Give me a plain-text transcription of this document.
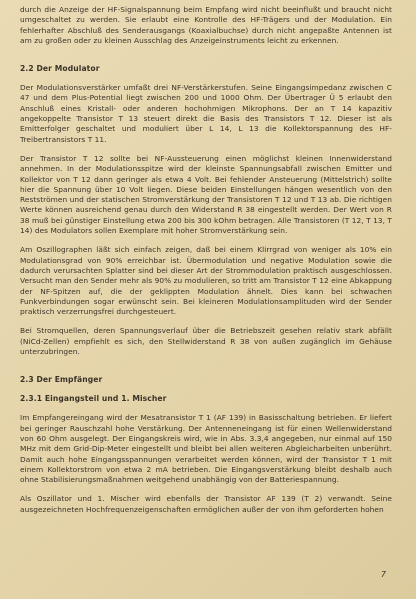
durch die Anzeige der HF-Signalspannung beim Empfang wird nicht beeinflußt und braucht nicht umgeschaltet zu werden. Sie erlaubt eine Kontrolle des HF-Trägers und der Modulation. Ein fehlerhafter Abschluß des Senderausgangs (Koaxialbuchse) durch nicht angepaßte Antennen ist am zu großen oder zu kleinen Ausschlag des Anzeigeinstruments leicht zu erkennen.

2.2 Der Modulator

Der Modulationsverstärker umfaßt drei NF-Verstärkerstufen. Seine Eingangsimpedanz zwischen C 47 und dem Plus-Potential liegt zwischen 200 und 1000 Ohm. Der Übertrager Ü 5 erlaubt den Anschluß eines Kristall- oder anderen hochohmigen Mikrophons. Der an T 14 kapazitiv angekoppelte Transistor T 13 steuert direkt die Basis des Transistors T 12. Dieser ist als Emitterfolger geschaltet und moduliert über L 14, L 13 die Kollektorspannung des HF-Treibertransistors T 11.

Der Transistor T 12 sollte bei NF-Aussteuerung einen möglichst kleinen Innenwiderstand annehmen. In der Modulationsspitze wird der kleinste Spannungsabfall zwischen Emitter und Kollektor von T 12 dann geringer als etwa 4 Volt. Bei fehlender Ansteuerung (Mittelstrich) sollte hier die Spannung über 10 Volt liegen. Diese beiden Einstellungen hängen wesentlich von den Restströmen und der statischen Stromverstärkung der Transistoren T 12 und T 13 ab. Die richtigen Werte können ausreichend genau durch den Widerstand R 38 eingestellt werden. Der Wert von R 38 muß bei günstiger Einstellung etwa 200 bis 300 kOhm betragen. Alle Transistoren (T 12, T 13, T 14) des Modulators sollen Exemplare mit hoher Stromverstärkung sein.

Am Oszillographen läßt sich einfach zeigen, daß bei einem Klirrgrad von weniger als 10% ein Modulationsgrad von 90% erreichbar ist. Übermodulation und negative Modulation sowie die dadurch verursachten Splatter sind bei dieser Art der Strommodulation praktisch ausgeschlossen. Versucht man den Sender mehr als 90% zu modulieren, so tritt am Transistor T 12 eine Abkappung der NF-Spitzen auf, die der geklippten Modulation ähnelt. Dies kann bei schwachen Funkverbindungen sogar erwünscht sein. Bei kleineren Modulationsamplituden wird der Sender praktisch verzerrungsfrei durchgesteuert.

Bei Stromquellen, deren Spannungsverlauf über die Betriebszeit gesehen relativ stark abfällt (NiCd-Zellen) empfiehlt es sich, den Stellwiderstand R 38 von außen zugänglich im Gehäuse unterzubringen.

2.3 Der Empfänger
2.3.1 Eingangsteil und 1. Mischer

Im Empfangereingang wird der Mesatransistor T 1 (AF 139) in Basisschaltung betrieben. Er liefert bei geringer Rauschzahl hohe Verstärkung. Der Antenneneingang ist für einen Wellenwiderstand von 60 Ohm ausgelegt. Der Eingangskreis wird, wie in Abs. 3.3,4 angegeben, nur einmal auf 150 MHz mit dem Grid-Dip-Meter eingestellt und bleibt bei allen weiteren Abgleicharbeiten unberührt. Damit auch hohe Eingangsspannungen verarbeitet werden können, wird der Transistor T 1 mit einem Kollektorstrom von etwa 2 mA betrieben. Die Eingangsverstärkung bleibt deshalb auch ohne Stabilisierungsmaßnahmen weitgehend unabhängig von der Batteriespannung.

Als Oszillator und 1. Mischer wird ebenfalls der Transistor AF 139 (T 2) verwandt. Seine ausgezeichneten Hochfrequenzeigenschaften ermöglichen außer der von ihm geforderten hohen

7
